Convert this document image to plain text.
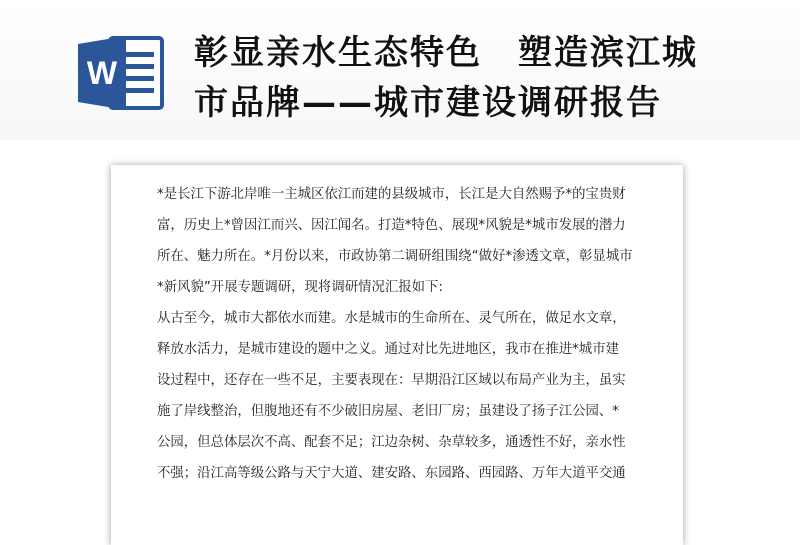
W 彰显亲水生态特色　塑造滨江城
市品牌——城市建设调研报告
*是长江下游北岸唯一主城区依江而建的县级城市，长江是大自然赐予*的宝贵财
富，历史上*曾因江而兴、因江闻名。打造*特色、展现*风貌是*城市发展的潜力
所在、魅力所在。*月份以来，市政协第二调研组围绕“做好*渗透文章，彰显城市
*新风貌”开展专题调研，现将调研情况汇报如下:
从古至今，城市大都依水而建。水是城市的生命所在、灵气所在，做足水文章，
释放水活力，是城市建设的题中之义。通过对比先进地区，我市在推进*城市建
设过程中，还存在一些不足，主要表现在：早期沿江区域以布局产业为主，虽实
施了岸线整治，但腹地还有不少破旧房屋、老旧厂房；虽建设了扬子江公园、*
公园，但总体层次不高、配套不足；江边杂树、杂草较多，通透性不好，亲水性
不强；沿江高等级公路与天宁大道、建安路、东园路、西园路、万年大道平交通
